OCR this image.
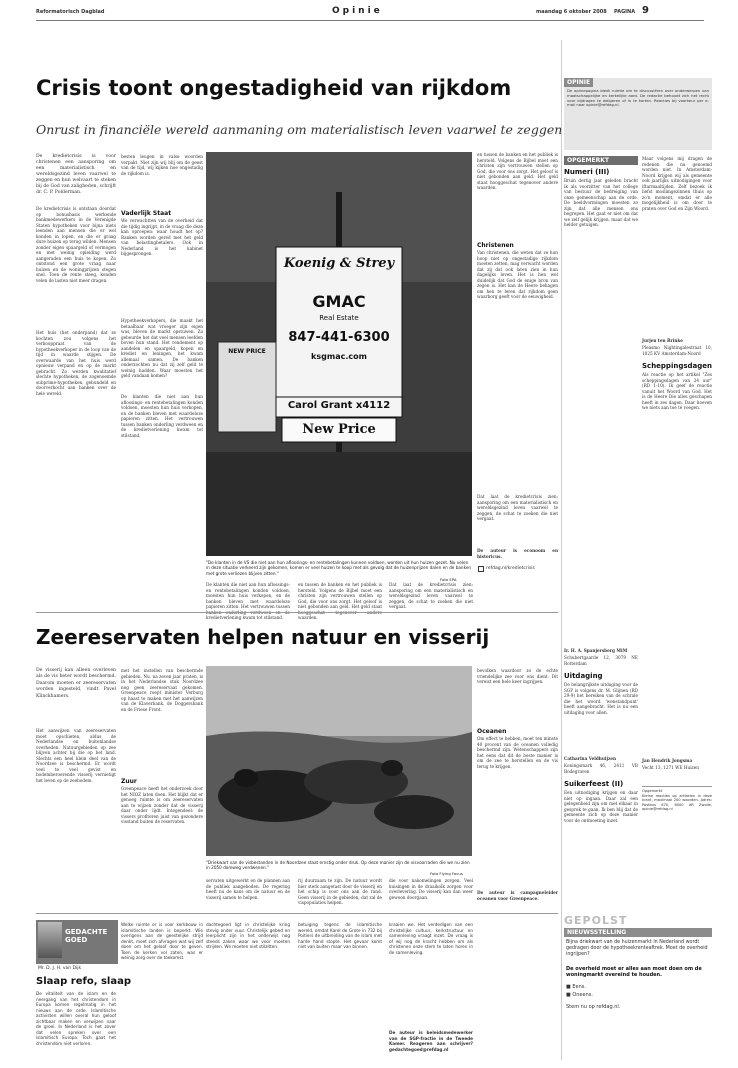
Reformatorisch Dagblad	Opinie	maandag 6 oktober 2008 PAGINA 9
Crisis toont ongestadigheid van rijkdom
Onrust in financiële wereld aanmaning om materialistisch leven vaarwel te zeggen
De kredietcrisis is voor christenen een aansporing om een materialistisch en wereldsgezind leven vaarwel te zeggen en hun welvaart te steken bij de God van zaligheden, schrijft dr. C. P. Polderman.
De kredietcrisis is ontstaan doordat op bonusbasis werkende bankmedewerkers in de Verenigde Staten hypotheken voor bijna niets leenden aan mensen die er wel konden in lopen, en die er graag dure huizen op terug wilden. Mensen zonder eigen spaargeld of vermogen en met weinig opleiding werd aangeraden een huis te kopen. Zo ontstond een grote vraag naar huizen en de woningprijzen stegen snel. Toen de rente steeg, konden velen de lasten niet meer dragen.
Het huis (het onderpand) dat ze kochten zou volgens het verkooppraat van de hypotheekverkoper in de loop van de tijd in waarde stijgen. De overwaarde van het huis werd opnieuw verpand en op de markt gebracht. Zo werden kwalitatief slechte hypotheken, de zogenoemde subprime-hypotheken, gebundeld en doorverkocht aan banken over de hele wereld.
besten leugen in valse woorden verpakt. Niet zijn wij blij om de geest van de tijd, wij kijken hoe ongestadig de rijkdom is.
Vaderlijk Staat
We verwachtten van de overheid dat die tijdig ingrijpt, in de vraag die deze kan oproepen: waar houdt het op? Banken worden gered met het geld van belastingbetalers. Ook in Nederland is het kabinet bijgesprongen.
Hypotheekverkopers, die maakt het betaalbaar wat vroeger zijn eigen was, bleven de markt opstuwen. Zo gebeurde het dat veel mensen leefden boven hun stand. Het rendement op aandelen en spaargeld, kopen en krediet en leningen, het kwam allemaal samen. De banken onderzochten nu dat zij zelf geld te weinig hadden. Waar moesten het geld vandaan komen?
De klanten die niet aan hun aflossings- en rentebetalingen konden voldoen, moesten hun huis verkopen, en de banken bleven met waardeloze papieren zitten. Het vertrouwen tussen banken onderling verdween en de kredietverlening kwam tot stilstand.
Koenig & Strey
GMAC
Real Estate
847-441-6300
ksgmac.com
Carol Grant x4112
New Price
NEW PRICE
"De klanten in de VS die niet aan hun aflossings- en rentebetalingen kunnen voldoen, worden uit hun huizen gezet. Nu velen in deze situatie verkeerd zijn gekomen, komen er veel huizen te koop met als gevolg dat de huizenprijzen dalen en de banken met grote verliezen blijven zitten."
Foto EPA
en tussen de banken en het publiek is hersteld. Volgens de Bijbel moet een christen zijn vertrouwen stellen op God, die voor ons zorgt. Het geloof is niet gebonden aan geld. Het geld staat hooggeschat tegenover andere waarden.
Christenen
Van christenen, die weten dat ze hun hoop niet op ongestadige rijkdom moeten zetten, mag verwacht worden dat zij dat ook laten zien in hun dagelijks leven. Het is hen wel duidelijk dat God de enige bron van zegen is. Het kan de Heere behagen om hen te leren dat rijkdom geen waarborg geeft voor de eeuwigheid.
Dat laat de kredietcrisis zien: aansporing om een materialistisch en wereldsgezind leven vaarwel te zeggen, de schat te zoeken die niet vergaat.
De auteur is econoom en historicus.
refdag.nl/kredietcrisis
De klanten die niet aan hun aflossings- en rentebetalingen konden voldoen, moesten hun huis verkopen, en de banken bleven met waardeloze papieren zitten. Het vertrouwen tussen banken onderling verdween en de kredietverlening kwam tot stilstand.
en tussen de banken en het publiek is hersteld. Volgens de Bijbel moet een christen zijn vertrouwen stellen op God, die voor ons zorgt. Het geloof is niet gebonden aan geld. Het geld staat hooggeschat tegenover andere waarden.
Dat laat de kredietcrisis zien: aansporing om een materialistisch en wereldsgezind leven vaarwel te zeggen, de schat te zoeken die niet vergaat.
Zeereservaten helpen natuur en visserij
De visserij kan alleen overleven als de vis beter wordt beschermd. Daarom moeten er zeereservaten worden ingesteld, vindt Pavel Klinckhamers.
Het aanwijzen van zeereservaten moet opschieten, aldus de Nederlandse en buitenlandse overheden. Natuurgebieden op zee blijven achter bij die op het land. Slechts een heel klein deel van de Noordzee is beschermd. Er wordt veel te veel gevist en bodemberoerende visserij vernietigt het leven op de zeebodem.
met het instellen van beschermde gebieden. Nu, na zeven jaar praten, is in het Nederlandse stuk Noordzee nog geen zeereservaat gekomen. Greenpeace roept minister Verburg op haast te maken met het aanwijzen van de Klaverbank, de Doggersbank en de Friese Front.
Zuur
Greenpeace heeft het onderzoek door het NIOZ laten doen. Het blijkt dat er genoeg ruimte is om zeereservaten aan te wijzen zonder dat de visserij daar onder lijdt. Integendeel: de vissers profiteren juist van gezondere visstand buiten de reservaten.
"Driekwart van de visbestanden in de Noordzee staat ernstig onder druk. Op deze manier zijn de visvoorraden die we nu zien in 2050 domweg verdwenen."
Foto Flying Focus
servaten uitgewerkt en de plannen aan de publiek aangeboden. De regering heeft nu de kans om de natuur en de visserij samen te helpen.
rij duurzaam te zijn. De natuur wordt hier sterk aangetast door de visserij en het schip is voor ons aan de rand. Geen visserij in de gebieden, dat zal de vispopulaties helpen.
die voor nakomelingen zorgen. Veel kuisingen in de draaikolk zorgen voor overlevering. De visserij kan dan weer gewoon doorgaan.
bevolken waardoor zo de echte vriendelijke zee voor ons dient. Dit vereist een hele keer ingrijpen.
Oceanen
Om effect te hebben, moet ten minste 40 procent van de oceanen volledig beschermd zijn. Wetenschappers zijn het eens dat dit de beste manier is om de zee te herstellen en de vis terug te krijgen.
De auteur is campagneleider oceanen voor Greenpeace.
GEDACHTE GOED
Mr. D. J. H. van Dijk
Slaap refo, slaap
De vitaliteit van de islam en de neergang van het christendom in Europa komen regelmatig in het nieuws aan de orde. Islamitische activisten willen overal hun geloof zichtbaar maken en verwijzen naar de groei. In Nederland is het zover dat velen spreken over een islamitisch Europa. Toch gaat het christendom niet verloren.
Welke ruimte er is voor kerkbouw in islamitische landen is beperkt. Wie overigens aan de geestelijke strijd denkt, moet zich afvragen wat wij zelf doen om het geloof door te geven. Toen de kerken vol zaten, was er weinig zorg over de toekomst.
dachtegoed ligt in christelijke kring stevig onder vuur. Christelijk gebed en leerplicht zijn in het onderwijs nog steeds zaken waar we voor moeten strijden. We moeten niet stilzitten.
betuiging tegens de islamitische wereld, omdat Karel de Grote in 732 bij Poitiers de uitbreiding van de islam met harde hand stopte. Het gevaar komt niet van buiten maar van binnen.
kraaien we. Het verdedigen van een christelijke cultuur, kerkstructuur en samenleving vraagt inzet. De vraag is of wij nog de kracht hebben om als christenen onze stem te laten horen in de samenleving.
De auteur is beleidsmedewerker van de SGP-fractie in de Tweede Kamer. Reageren aan schrijver? gedachtegoed@refdag.nl
OPINIE
De opiniepagina biedt ruimte om te discussiëren over onderwerpen van maatschappelijke en kerkelijke aard. De redactie behoudt zich het recht voor bijdragen te weigeren of in te korten. Reacties bij voorkeur per e-mail naar opinie@refdag.nl.
OPGEMERKT
Numeri (III)
Bruin dertig jaar geleden bracht ik als voorzitter van het college van bestuur de bedreiging van onze gemeenschap aan de orde. De beeldvormingen moesten zo zijn dat alle mensen ons begrepen. Het gaat er niet om dat we zelf gelijk krijgen, maar dat we helder getuigen.
Ir. H. A. Spanjersberg MiM
Schubertgaarde 12, 3079 NE Rotterdam
Uitdaging
De belangrijkste uitdaging voor de SGP is volgens dr. M. Glijnen (RD 29-9) het bereiken van de schrale die het woord 'wenstandpunt' heeft aangebracht. Het is nu een uitdaging voor allen.
Catharina Veldhuijzen
Koningsmark 46, 2411 VB Bodegraven
Suikerfeest (II)
Een uitnodiging krijgen en daar niet op ingaan. Daar zal een gelegenheid zijn om met elkaar in gesprek te gaan. Ik ben blij dat de gemeente zich op deze manier voor de ontmoeting inzet.
Maar volgens mij dragen de redenen die nu genoemd worden niet. In Amsterdam-Noord krijgen wij als gemeente ook jaarlijks uitnodigingen voor iftarmaaltijden. Zelf bezoek ik liefst moslimgezinnen thuis op zo'n moment, omdat er alle mogelijkheid is om door te praten over God en Zijn Woord.
Jurjen ten Brinke
Pleasmo Nightingalestraat 10, 1025 KV Amsterdam-Noord
Scheppingsdagen
Als reactie op het artikel "Zes scheppingsdagen van 24 uur" (RD 1-10). Ik geef de reactie vanuit het Woord van God. Het is de Heere Die alles geschapen heeft in zes dagen. Daar hoeven we niets aan toe te voegen.
Jan Hendrik Jongsma
Vecht 13, 1271 WE Huizen
Opgemerkt
Kleine reacties op artikelen in deze krant, maximaal 200 woorden. Adres: Postbus 670, 8000 AR Zwolle, opinie@refdag.nl
GEPOLST
NIEUWSSTELLING
Bijna driekwart van de huizenmarkt in Nederland wordt gedragen door de hypotheekrenteaftrek. Moet de overheid ingrijpen?
De overheid moet er alles aan moet doen om de woningmarkt overeind te houden.
■ Eens.
■ Oneens.
Stem nu op refdag.nl.
